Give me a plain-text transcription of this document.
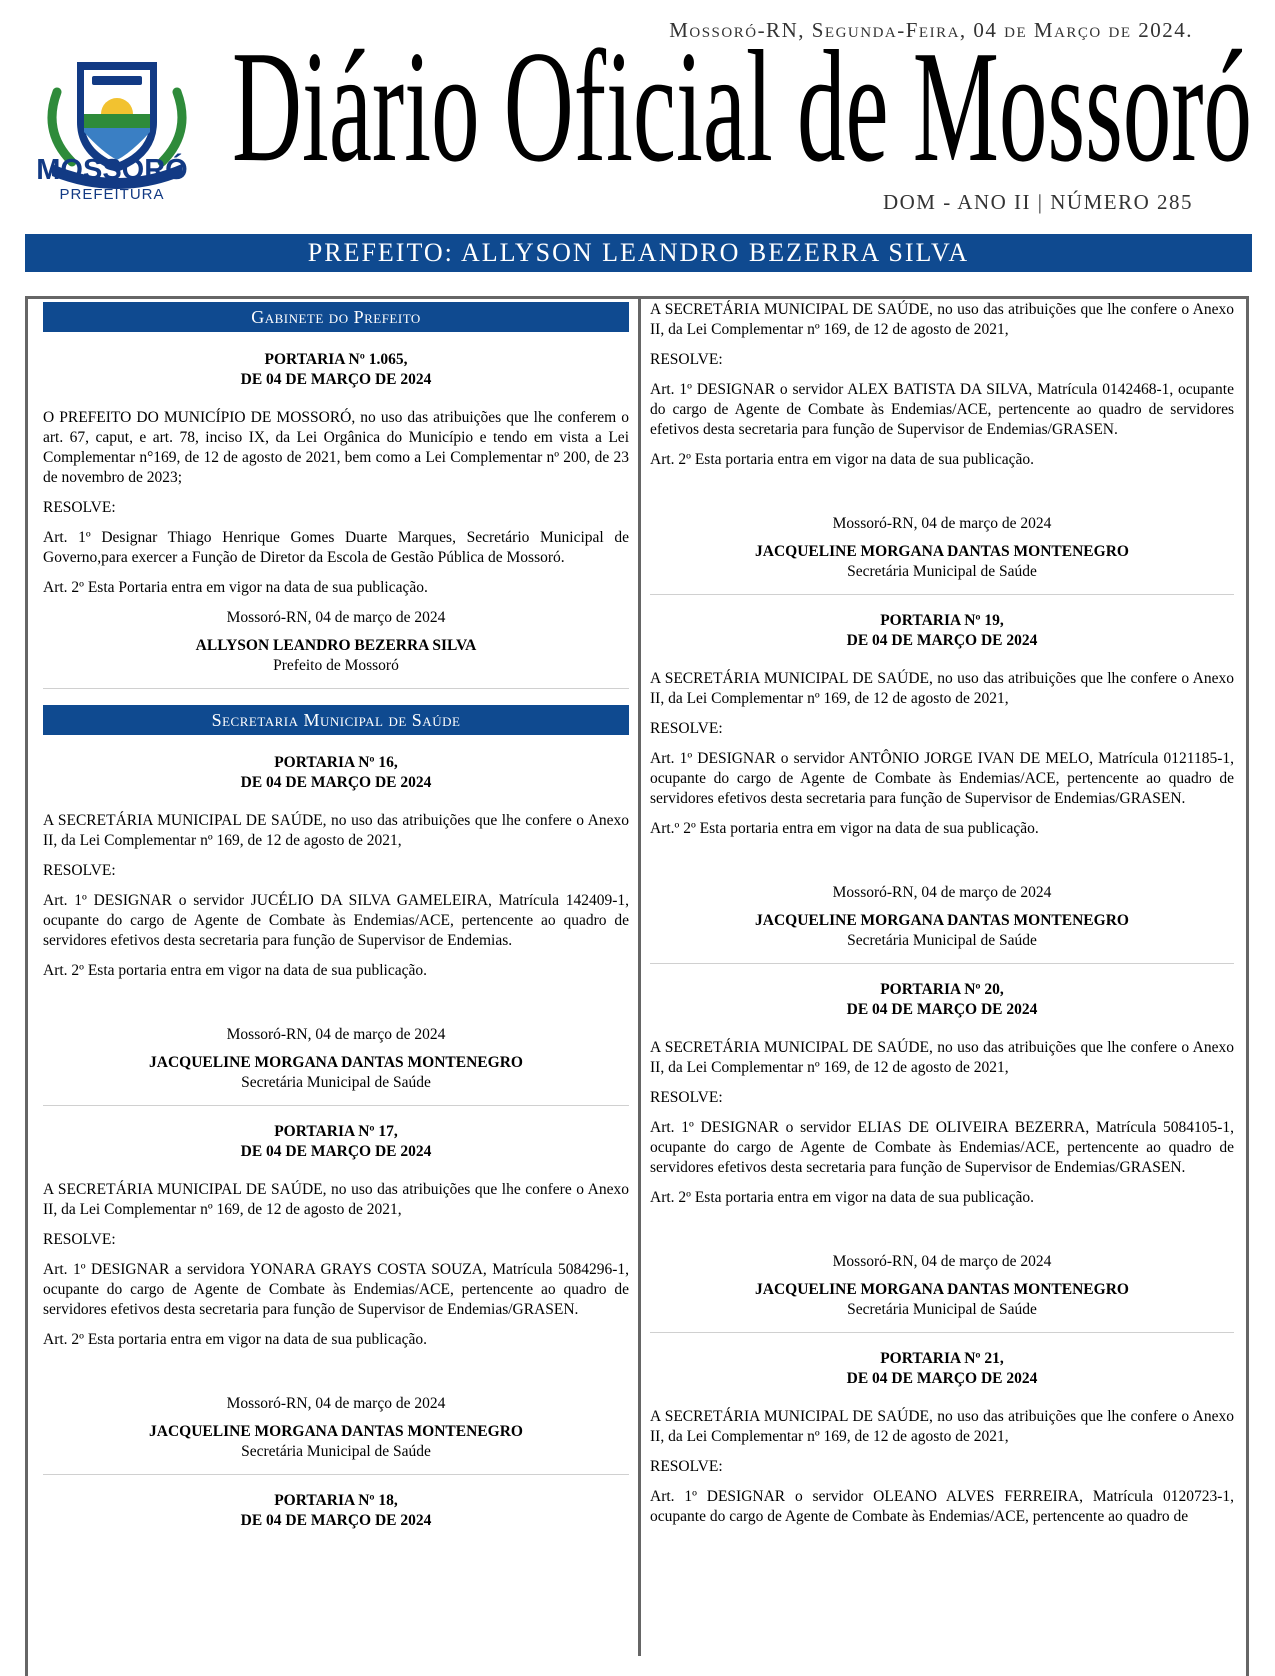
MOSSORÓ
PREFEITURA
Mossoró-RN, Segunda-Feira, 04 de Março de 2024.
Diário Oficial de Mossoró
DOM - ANO II | NÚMERO 285
PREFEITO: ALLYSON LEANDRO BEZERRA SILVA
Gabinete do Prefeito
PORTARIA Nº 1.065,
DE 04 DE MARÇO DE 2024

O PREFEITO DO MUNICÍPIO DE MOSSORÓ, no uso das atribuições que lhe conferem o art. 67, caput, e art. 78, inciso IX, da Lei Orgânica do Município e tendo em vista a Lei Complementar n°169, de 12 de agosto de 2021, bem como a Lei Complementar nº 200, de 23 de novembro de 2023;

RESOLVE:

Art. 1º Designar Thiago Henrique Gomes Duarte Marques, Secretário Municipal de Governo,para exercer a Função de Diretor da Escola de Gestão Pública de Mossoró.

Art. 2º Esta Portaria entra em vigor na data de sua publicação.

Mossoró-RN, 04 de março de 2024

ALLYSON LEANDRO BEZERRA SILVA

Prefeito de Mossoró

Secretaria Municipal de Saúde
PORTARIA Nº 16,
DE 04 DE MARÇO DE 2024

A SECRETÁRIA MUNICIPAL DE SAÚDE, no uso das atribuições que lhe confere o Anexo II, da Lei Complementar nº 169, de 12 de agosto de 2021,

RESOLVE:

Art. 1º DESIGNAR o servidor JUCÉLIO DA SILVA GAMELEIRA, Matrícula 142409-1, ocupante do cargo de Agente de Combate às Endemias/ACE, pertencente ao quadro de servidores efetivos desta secretaria para função de Supervisor de Endemias.

Art. 2º Esta portaria entra em vigor na data de sua publicação.

Mossoró-RN, 04 de março de 2024

JACQUELINE MORGANA DANTAS MONTENEGRO

Secretária Municipal de Saúde

PORTARIA Nº 17,
DE 04 DE MARÇO DE 2024

A SECRETÁRIA MUNICIPAL DE SAÚDE, no uso das atribuições que lhe confere o Anexo II, da Lei Complementar nº 169, de 12 de agosto de 2021,

RESOLVE:

Art. 1º DESIGNAR a servidora YONARA GRAYS COSTA SOUZA, Matrícula 5084296-1, ocupante do cargo de Agente de Combate às Endemias/ACE, pertencente ao quadro de servidores efetivos desta secretaria para função de Supervisor de Endemias/GRASEN.

Art. 2º Esta portaria entra em vigor na data de sua publicação.

Mossoró-RN, 04 de março de 2024

JACQUELINE MORGANA DANTAS MONTENEGRO

Secretária Municipal de Saúde

PORTARIA Nº 18,
DE 04 DE MARÇO DE 2024

A SECRETÁRIA MUNICIPAL DE SAÚDE, no uso das atribuições que lhe confere o Anexo II, da Lei Complementar nº 169, de 12 de agosto de 2021,

RESOLVE:

Art. 1º DESIGNAR o servidor ALEX BATISTA DA SILVA, Matrícula 0142468-1, ocupante do cargo de Agente de Combate às Endemias/ACE, pertencente ao quadro de servidores efetivos desta secretaria para função de Supervisor de Endemias/GRASEN.

Art. 2º Esta portaria entra em vigor na data de sua publicação.

Mossoró-RN, 04 de março de 2024

JACQUELINE MORGANA DANTAS MONTENEGRO

Secretária Municipal de Saúde

PORTARIA Nº 19,
DE 04 DE MARÇO DE 2024

A SECRETÁRIA MUNICIPAL DE SAÚDE, no uso das atribuições que lhe confere o Anexo II, da Lei Complementar nº 169, de 12 de agosto de 2021,

RESOLVE:

Art. 1º DESIGNAR o servidor ANTÔNIO JORGE IVAN DE MELO, Matrícula 0121185-1, ocupante do cargo de Agente de Combate às Endemias/ACE, pertencente ao quadro de servidores efetivos desta secretaria para função de Supervisor de Endemias/GRASEN.

Art.º 2º Esta portaria entra em vigor na data de sua publicação.

Mossoró-RN, 04 de março de 2024

JACQUELINE MORGANA DANTAS MONTENEGRO

Secretária Municipal de Saúde

PORTARIA Nº 20,
DE 04 DE MARÇO DE 2024

A SECRETÁRIA MUNICIPAL DE SAÚDE, no uso das atribuições que lhe confere o Anexo II, da Lei Complementar nº 169, de 12 de agosto de 2021,

RESOLVE:

Art. 1º DESIGNAR o servidor ELIAS DE OLIVEIRA BEZERRA, Matrícula 5084105-1, ocupante do cargo de Agente de Combate às Endemias/ACE, pertencente ao quadro de servidores efetivos desta secretaria para função de Supervisor de Endemias/GRASEN.

Art. 2º Esta portaria entra em vigor na data de sua publicação.

Mossoró-RN, 04 de março de 2024

JACQUELINE MORGANA DANTAS MONTENEGRO

Secretária Municipal de Saúde

PORTARIA Nº 21,
DE 04 DE MARÇO DE 2024

A SECRETÁRIA MUNICIPAL DE SAÚDE, no uso das atribuições que lhe confere o Anexo II, da Lei Complementar nº 169, de 12 de agosto de 2021,

RESOLVE:

Art. 1º DESIGNAR o servidor OLEANO ALVES FERREIRA, Matrícula 0120723-1, ocupante do cargo de Agente de Combate às Endemias/ACE, pertencente ao quadro de
